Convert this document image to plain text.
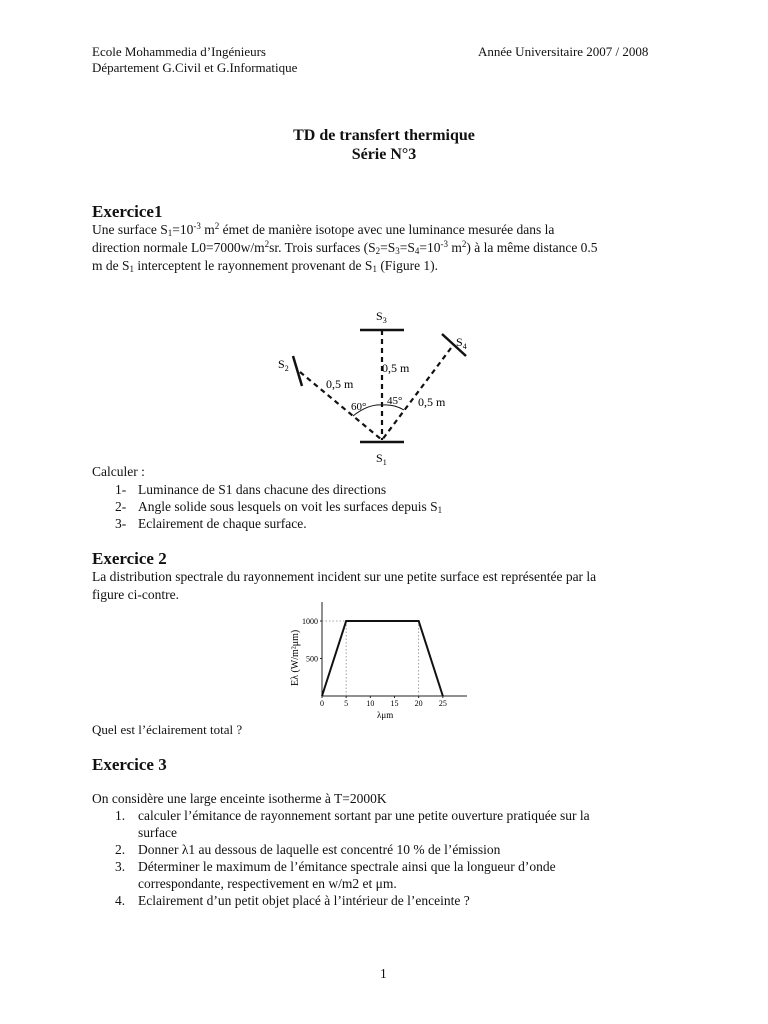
Ecole Mohammedia d’Ingénieurs	Année Universitaire 2007 / 2008
Département G.Civil et G.Informatique
TD de transfert thermique
Série N°3
Exercice1
Une surface $S_1=10^{-3}$ $m^2$ émet de manière isotope avec une luminance mesurée dans la
direction normale $L0=7000w/m^2sr$. Trois surfaces ($S_2=S_3=S_4=10^{-3}$ $m^2$) à la même distance 0.5
m de $S_1$ interceptent le rayonnement provenant de $S_1$ (Figure 1).
$S_3$
$S_1$
$S_2$
$S_4$
0,5 m
0,5 m
0,5 m
60° 45°
Calculer :
1- Luminance de S1 dans chacune des directions
2- Angle solide sous lesquels on voit les surfaces depuis $S_1$
3- Eclairement de chaque surface.
Exercice 2
La distribution spectrale du rayonnement incident sur une petite surface est représentée par la
figure ci-contre.
0	5 10 15 20 25
500
1000
Eλ (W/m²μm)
λμm
Quel est l’éclairement total ?
Exercice 3
On considère une large enceinte isotherme à T=2000K
1. calculer l’émitance de rayonnement sortant par une petite ouverture pratiquée sur la
surface
2. Donner λ1 au dessous de laquelle est concentré 10 % de l’émission
3. Déterminer le maximum de l’émitance spectrale ainsi que la longueur d’onde
correspondante, respectivement en w/m2 et μm.
4. Eclairement d’un petit objet placé à l’intérieur de l’enceinte ?
1
